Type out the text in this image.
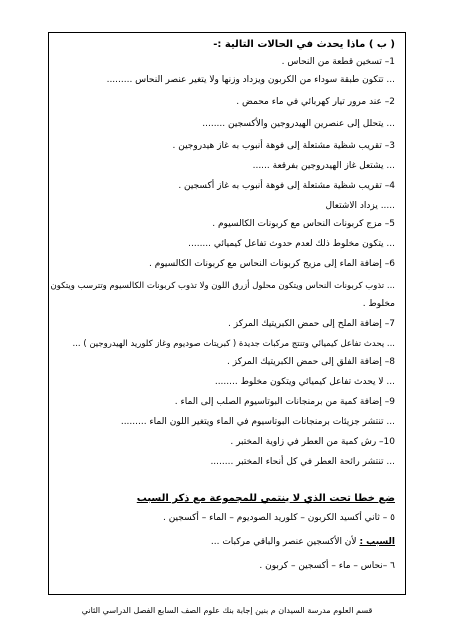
( ب ) ماذا يحدث في الحالات التالية :-
1– تسخين قطعة من النحاس .
... تتكون طبقة سوداء من الكربون ويزداد وزنها ولا يتغير عنصر النحاس .........
2– عند مرور تيار كهربائي في ماء محمض .
... يتحلل إلى عنصرين الهيدروجين والأكسجين ........
3– تقريب شظية مشتعلة إلى فوهة أنبوب به غاز هيدروجين .
... يشتعل غاز الهيدروجين بفرقعة ......
4– تقريب شظية مشتعلة إلى فوهة أنبوب به غاز أكسجين .
..... يزداد الاشتعال
5– مزج كربونات النحاس مع كربونات الكالسيوم .
... يتكون مخلوط ذلك لعدم حدوث تفاعل كيميائي ........
6– إضافة الماء إلى مزيج كربونات النحاس مع كربونات الكالسيوم .
... تذوب كربونات النحاس ويتكون محلول أزرق اللون ولا تذوب كربونات الكالسيوم وتترسب ويتكون
مخلوط .
7– إضافة الملح إلى حمض الكبريتيك المركز .
... يحدث تفاعل كيميائي وتنتج مركبات جديدة ( كبريتات صوديوم وغاز كلوريد الهيدروجين ) ...
8– إضافة الفلق إلى حمض الكبريتيك المركز .
... لا يحدث تفاعل كيميائي ويتكون مخلوط ........
9– إضافة كمية من برمنجانات البوتاسيوم الصلب إلى الماء .
... تنتشر جزيئات برمنجانات البوتاسيوم في الماء ويتغير اللون الماء .........
10– رش كمية من العطر في زاوية المختبر .
... تنتشر رائحة العطر في كل أنحاء المختبر ........
ضع خطا تحت الذي لا ينتمي للمجموعة مع ذكر السبب
٥ – ثاني أكسيد الكربون – كلوريد الصوديوم – الماء – أكسجين .
السبب : لأن الأكسجين عنصر والباقي مركبات ...
٦ –نحاس – ماء – أكسجين – كربون .
قسم العلوم مدرسة السيدان م بنين إجابة بنك علوم الصف السابع الفصل الدراسي الثاني
